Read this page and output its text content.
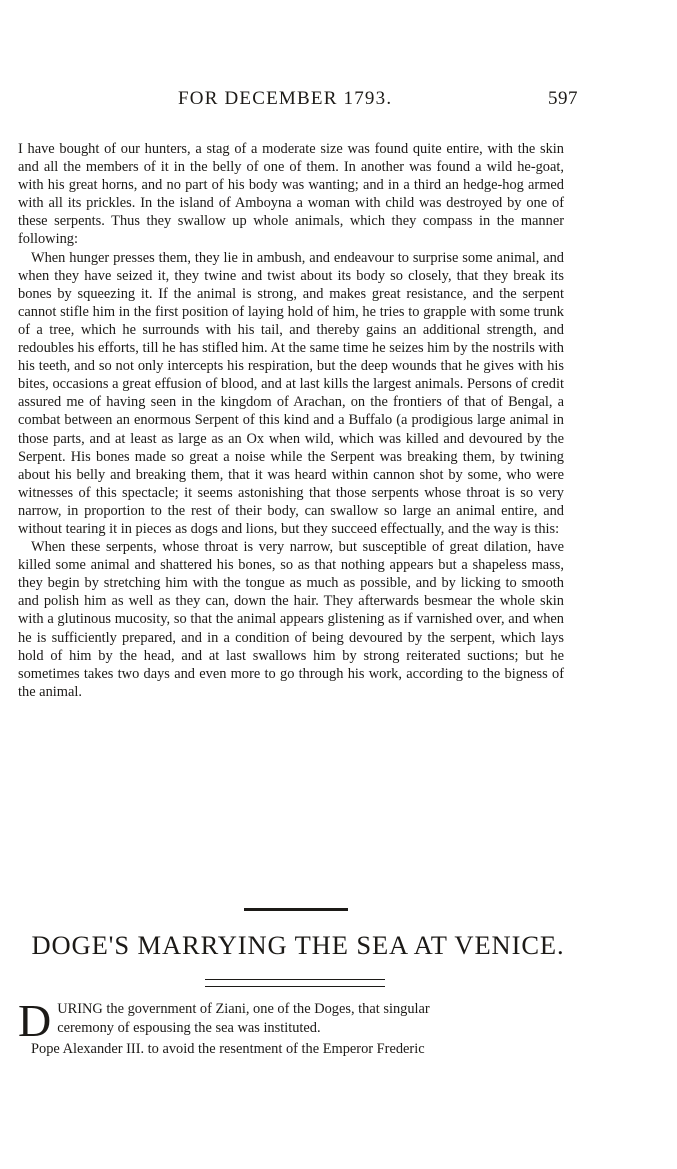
FOR DECEMBER 1793.	597

I have bought of our hunters, a stag of a moderate size was found quite entire, with the skin and all the members of it in the belly of one of them. In another was found a wild he-goat, with his great horns, and no part of his body was wanting; and in a third an hedge-hog armed with all its prickles. In the island of Amboyna a woman with child was destroyed by one of these serpents. Thus they swallow up whole animals, which they compass in the manner following:

When hunger presses them, they lie in ambush, and endeavour to surprise some animal, and when they have seized it, they twine and twist about its body so closely, that they break its bones by squeezing it. If the animal is strong, and makes great resistance, and the serpent cannot stifle him in the first position of laying hold of him, he tries to grapple with some trunk of a tree, which he surrounds with his tail, and thereby gains an additional strength, and redoubles his efforts, till he has stifled him. At the same time he seizes him by the nostrils with his teeth, and so not only intercepts his respiration, but the deep wounds that he gives with his bites, occasions a great effusion of blood, and at last kills the largest animals. Persons of credit assured me of having seen in the kingdom of Arachan, on the frontiers of that of Bengal, a combat between an enormous Serpent of this kind and a Buffalo (a prodigious large animal in those parts, and at least as large as an Ox when wild, which was killed and devoured by the Serpent. His bones made so great a noise while the Serpent was breaking them, by twining about his belly and breaking them, that it was heard within cannon shot by some, who were witnesses of this spectacle; it seems astonishing that those serpents whose throat is so very narrow, in proportion to the rest of their body, can swallow so large an animal entire, and without tearing it in pieces as dogs and lions, but they succeed effectually, and the way is this:

When these serpents, whose throat is very narrow, but susceptible of great dilation, have killed some animal and shattered his bones, so as that nothing appears but a shapeless mass, they begin by stretching him with the tongue as much as possible, and by licking to smooth and polish him as well as they can, down the hair. They afterwards besmear the whole skin with a glutinous mucosity, so that the animal appears glistening as if varnished over, and when he is sufficiently prepared, and in a condition of being devoured by the serpent, which lays hold of him by the head, and at last swallows him by strong reiterated suctions; but he sometimes takes two days and even more to go through his work, according to the bigness of the animal.

DOGE'S MARRYING THE SEA AT VENICE.

D URING the government of Ziani, one of the Doges, that singular
ceremony of espousing the sea was instituted.

Pope Alexander III. to avoid the resentment of the Emperor Frederic
